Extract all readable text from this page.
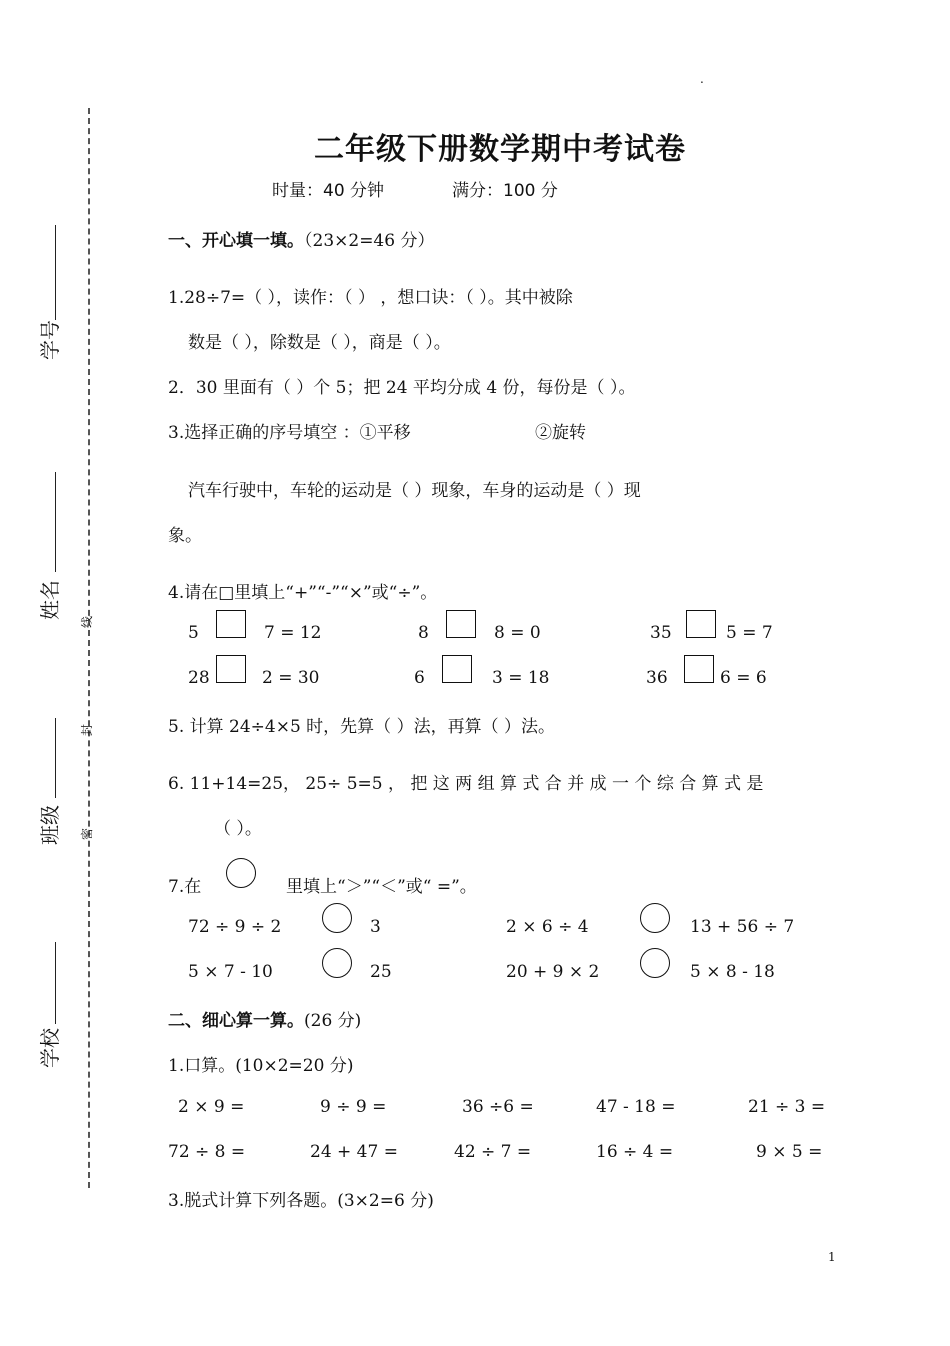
.
二年级下册数学期中考试卷
时量：40 分钟	满分：100 分
学号
姓名
班级
学校
线
封
密
一、开心填一填。（23×2=46 分）
1.28÷7=（ ），读作：（ ） ，想口诀：（ ）。其中被除
数是（ ），除数是（ ），商是（ ）。
2．30 里面有（ ）个 5；把 24 平均分成 4 份，每份是（ ）。
3.选择正确的序号填空 ：①平移	②旋转
汽车行驶中，车轮的运动是（ ）现象，车身的运动是（ ）现
象。
4.请在□里填上“+”“-”“×”或“÷”。
5	7 = 12	8	8 = 0	35	5 = 7
28	2 = 30	6	3 = 18	36	6 = 6
5. 计算 24÷4×5 时，先算（ ）法，再算（ ）法。
6. 11+14=25， 25÷ 5=5 ， 把 这 两 组 算 式 合 并 成 一 个 综 合 算 式 是
（ ）。
7.在	里填上“＞”“＜”或“ =”。
72 ÷ 9 ÷ 2	3	2 × 6 ÷ 4	13 + 56 ÷ 7
5 × 7 - 10	25	20 + 9 × 2	5 × 8 - 18
二、细心算一算。(26 分)
1.口算。(10×2=20 分)
2 × 9 =	9 ÷ 9 =	36 ÷6 =	47 - 18 =	21 ÷ 3 =
72 ÷ 8 =	24 + 47 =	42 ÷ 7 =	16 ÷ 4 =	9 × 5 =
3.脱式计算下列各题。(3×2=6 分)
1
